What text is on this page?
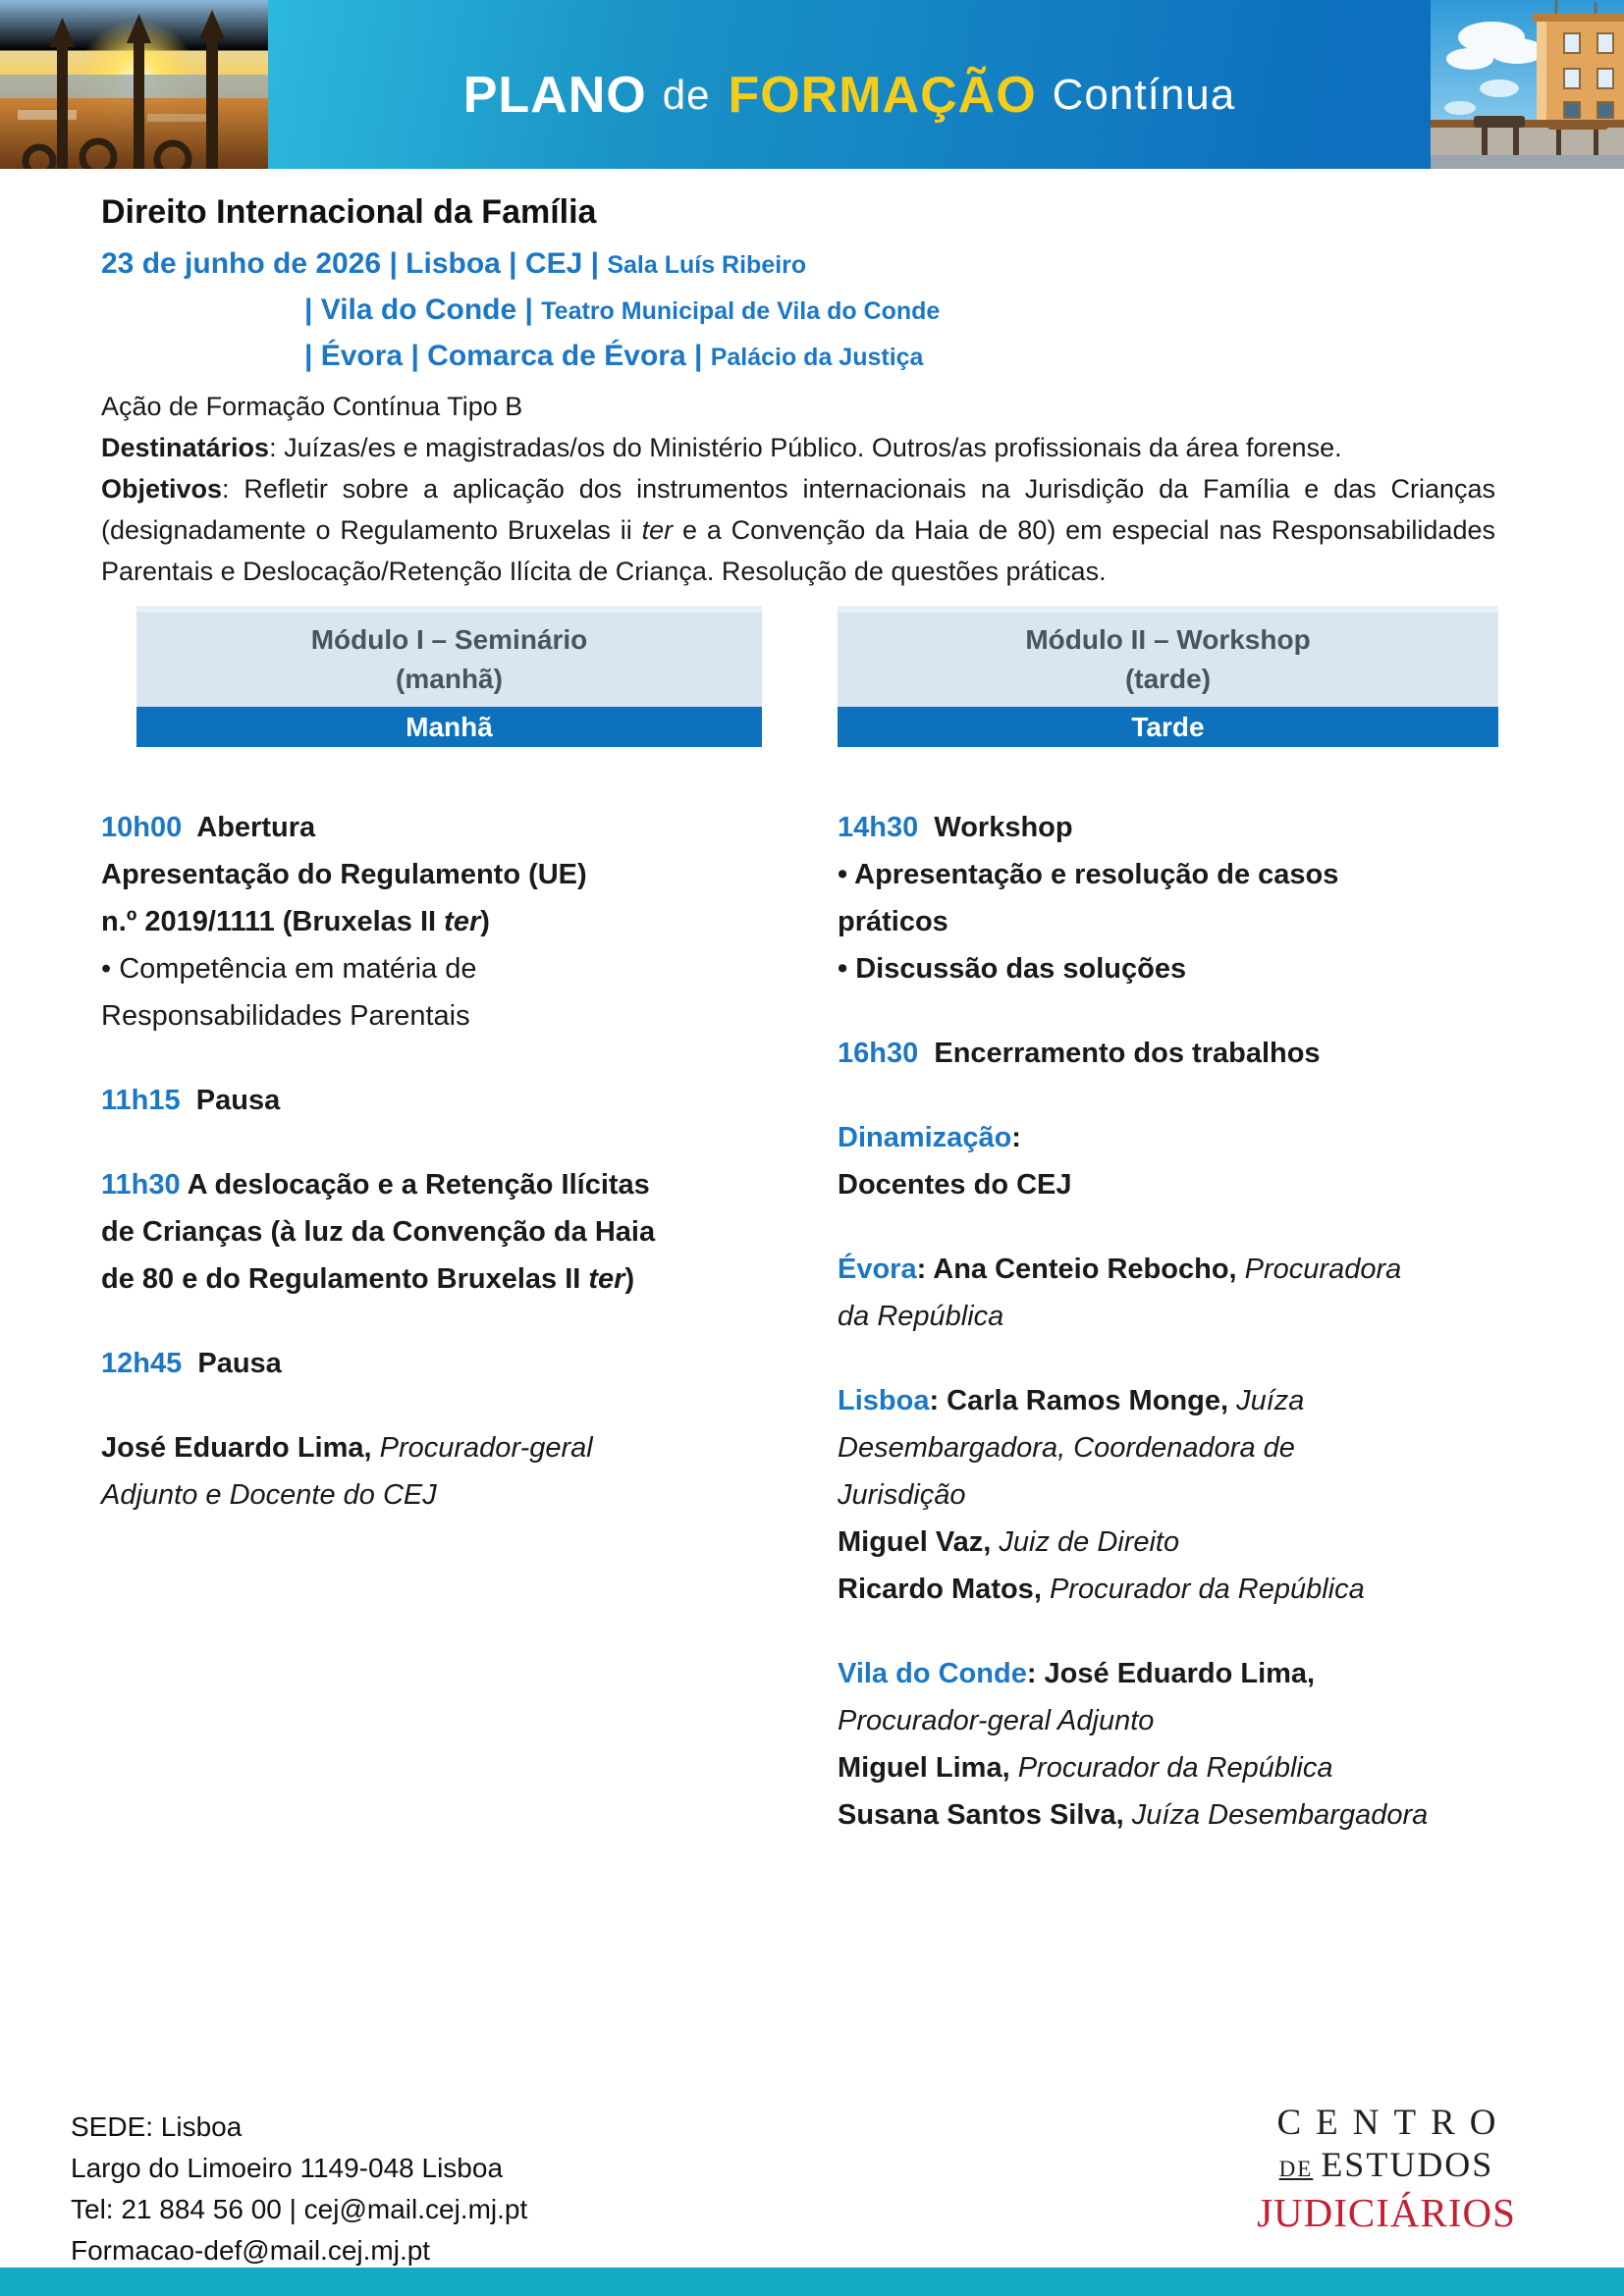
PLANO de FORMAÇÃO Contínua
Direito Internacional da Família
23 de junho de 2026 | Lisboa | CEJ | Sala Luís Ribeiro
| Vila do Conde | Teatro Municipal de Vila do Conde
| Évora | Comarca de Évora | Palácio da Justiça
Ação de Formação Contínua Tipo B

Destinatários: Juízas/es e magistradas/os do Ministério Público. Outros/as profissionais da área forense.

Objetivos: Refletir sobre a aplicação dos instrumentos internacionais na Jurisdição da Família e das Crianças (designadamente o Regulamento Bruxelas ii ter e a Convenção da Haia de 80) em especial nas Responsabilidades Parentais e Deslocação/Retenção Ilícita de Criança. Resolução de questões práticas.

Módulo I – Seminário
(manhã)
Manhã
10h00  Abertura
Apresentação do Regulamento (UE)
n.º 2019/1111 (Bruxelas II ter)
• Competência em matéria de
Responsabilidades Parentais
11h15  Pausa
11h30 A deslocação e a Retenção Ilícitas
de Crianças (à luz da Convenção da Haia
de 80 e do Regulamento Bruxelas II ter)
12h45  Pausa
José Eduardo Lima, Procurador-geral
Adjunto e Docente do CEJ
Módulo II – Workshop
(tarde)
Tarde
14h30  Workshop
• Apresentação e resolução de casos
práticos
• Discussão das soluções
16h30  Encerramento dos trabalhos
Dinamização:
Docentes do CEJ
Évora: Ana Centeio Rebocho, Procuradora
da República
Lisboa: Carla Ramos Monge, Juíza
Desembargadora, Coordenadora de
Jurisdição
Miguel Vaz, Juiz de Direito
Ricardo Matos, Procurador da República
Vila do Conde: José Eduardo Lima,
Procurador-geral Adjunto
Miguel Lima, Procurador da República
Susana Santos Silva, Juíza Desembargadora
SEDE: Lisboa
Largo do Limoeiro 1149-048 Lisboa
Tel: 21 884 56 00 | cej@mail.cej.mj.pt
Formacao-def@mail.cej.mj.pt
CENTRO
DE ESTUDOS
JUDICIÁRIOS
